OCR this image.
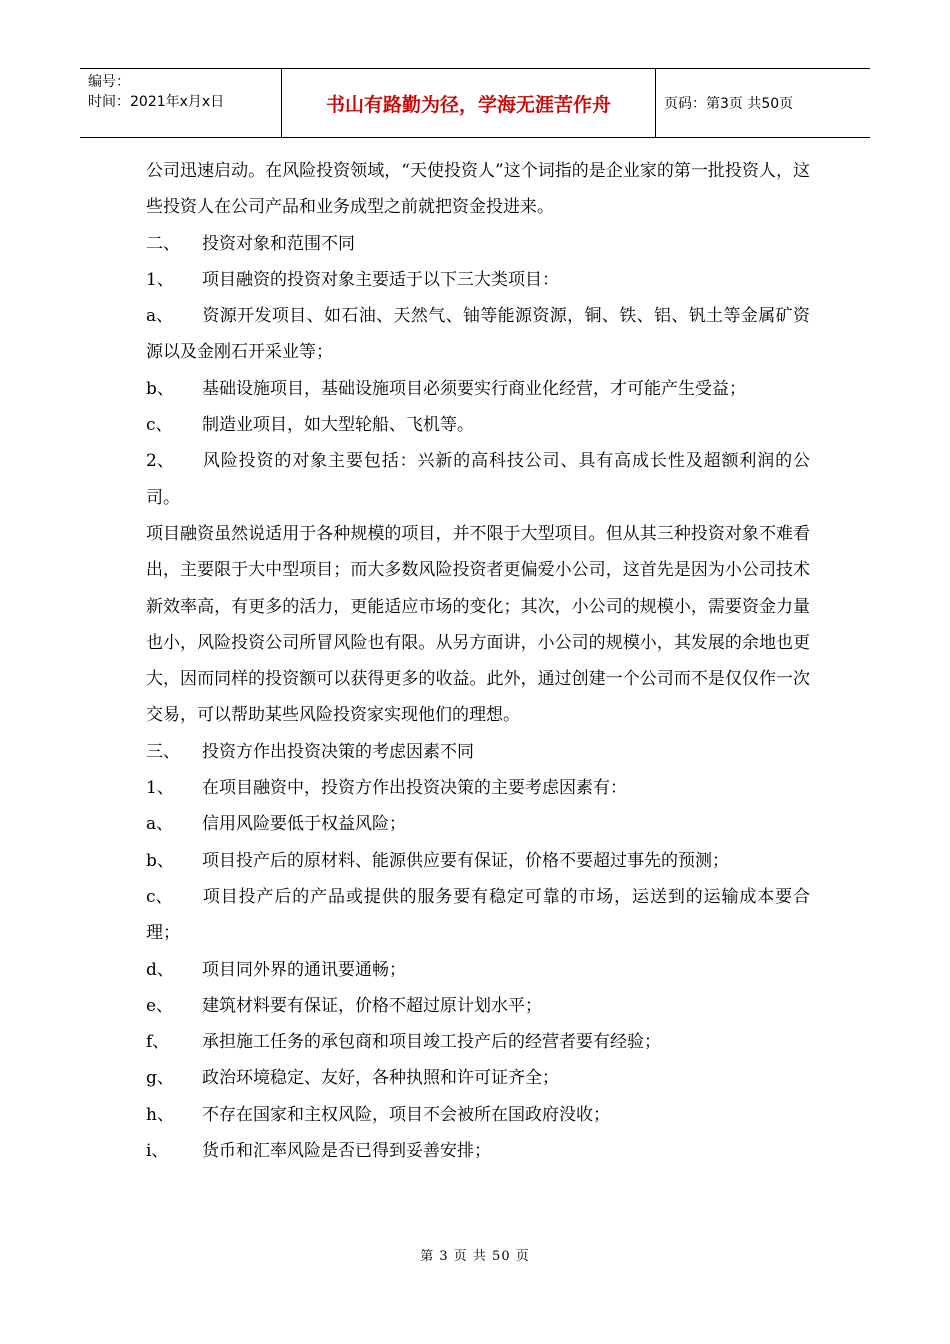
编号：
时间：2021年x月x日	书山有路勤为径，学海无涯苦作舟	页码：第3页 共50页

公司迅速启动。在风险投资领域，“天使投资人”这个词指的是企业家的第一批投资人，这些投资人在公司产品和业务成型之前就把资金投进来。

二、	投资对象和范围不同
1、	项目融资的投资对象主要适于以下三大类项目：

a、 资源开发项目、如石油、天然气、铀等能源资源，铜、铁、铝、钒土等金属矿资源以及金刚石开采业等；

b、	基础设施项目，基础设施项目必须要实行商业化经营，才可能产生受益；
c、	制造业项目，如大型轮船、飞机等。

2、 风险投资的对象主要包括：兴新的高科技公司、具有高成长性及超额利润的公司。

项目融资虽然说适用于各种规模的项目，并不限于大型项目。但从其三种投资对象不难看出，主要限于大中型项目；而大多数风险投资者更偏爱小公司，这首先是因为小公司技术新效率高，有更多的活力，更能适应市场的变化；其次，小公司的规模小，需要资金力量也小，风险投资公司所冒风险也有限。从另方面讲，小公司的规模小，其发展的余地也更大，因而同样的投资额可以获得更多的收益。此外，通过创建一个公司而不是仅仅作一次交易，可以帮助某些风险投资家实现他们的理想。

三、	投资方作出投资决策的考虑因素不同
1、	在项目融资中，投资方作出投资决策的主要考虑因素有：
a、	信用风险要低于权益风险；
b、	项目投产后的原材料、能源供应要有保证，价格不要超过事先的预测；

c、 项目投产后的产品或提供的服务要有稳定可靠的市场，运送到的运输成本要合理；

d、	项目同外界的通讯要通畅；
e、	建筑材料要有保证，价格不超过原计划水平；
f、	承担施工任务的承包商和项目竣工投产后的经营者要有经验；
g、	政治环境稳定、友好，各种执照和许可证齐全；
h、	不存在国家和主权风险，项目不会被所在国政府没收；
i、	货币和汇率风险是否已得到妥善安排；
第 3 页 共 50 页
